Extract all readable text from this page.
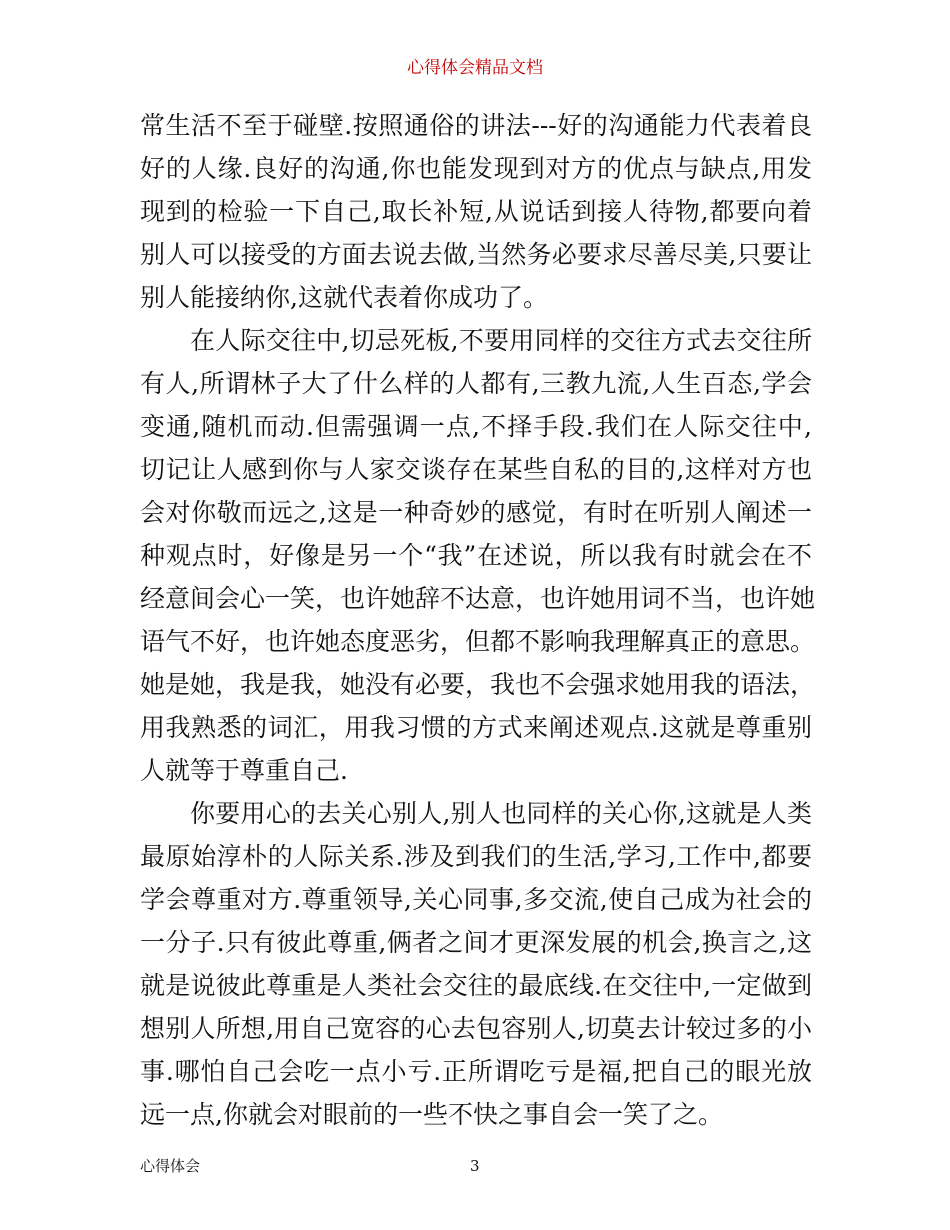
心得体会精品文档
常生活不至于碰壁.按照通俗的讲法---好的沟通能力代表着良
好的人缘.良好的沟通,你也能发现到对方的优点与缺点,用发
现到的检验一下自己,取长补短,从说话到接人待物,都要向着
别人可以接受的方面去说去做,当然务必要求尽善尽美,只要让
别人能接纳你,这就代表着你成功了。
在人际交往中,切忌死板,不要用同样的交往方式去交往所
有人,所谓林子大了什么样的人都有,三教九流,人生百态,学会
变通,随机而动.但需强调一点,不择手段.我们在人际交往中,
切记让人感到你与人家交谈存在某些自私的目的,这样对方也
会对你敬而远之,这是一种奇妙的感觉，有时在听别人阐述一
种观点时，好像是另一个“我”在述说，所以我有时就会在不
经意间会心一笑，也许她辞不达意，也许她用词不当，也许她
语气不好，也许她态度恶劣，但都不影响我理解真正的意思。
她是她，我是我，她没有必要，我也不会强求她用我的语法，
用我熟悉的词汇，用我习惯的方式来阐述观点.这就是尊重别
人就等于尊重自己.
你要用心的去关心别人,别人也同样的关心你,这就是人类
最原始淳朴的人际关系.涉及到我们的生活,学习,工作中,都要
学会尊重对方.尊重领导,关心同事,多交流,使自己成为社会的
一分子.只有彼此尊重,俩者之间才更深发展的机会,换言之,这
就是说彼此尊重是人类社会交往的最底线.在交往中,一定做到
想别人所想,用自己宽容的心去包容别人,切莫去计较过多的小
事.哪怕自己会吃一点小亏.正所谓吃亏是福,把自己的眼光放
远一点,你就会对眼前的一些不快之事自会一笑了之。
心得体会	3
